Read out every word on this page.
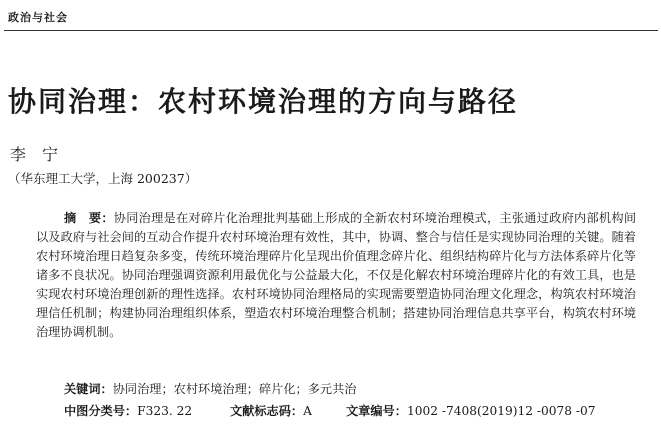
政治与社会
协同治理：农村环境治理的方向与路径
李　宁
（华东理工大学，上海 200237）
摘　要：协同治理是在对碎片化治理批判基础上形成的全新农村环境治理模式，主张通过政府内部机构间以及政府与社会间的互动合作提升农村环境治理有效性，其中，协调、整合与信任是实现协同治理的关键。随着农村环境治理日趋复杂多变，传统环境治理碎片化呈现出价值理念碎片化、组织结构碎片化与方法体系碎片化等诸多不良状况。协同治理强调资源利用最优化与公益最大化，不仅是化解农村环境治理碎片化的有效工具，也是实现农村环境治理创新的理性选择。农村环境协同治理格局的实现需要塑造协同治理文化理念，构筑农村环境治理信任机制；构建协同治理组织体系，塑造农村环境治理整合机制；搭建协同治理信息共享平台，构筑农村环境治理协调机制。
关键词：协同治理；农村环境治理；碎片化；多元共治
中图分类号：F323. 22	文献标志码：A	文章编号：1002 -7408(2019)12 -0078 -07
